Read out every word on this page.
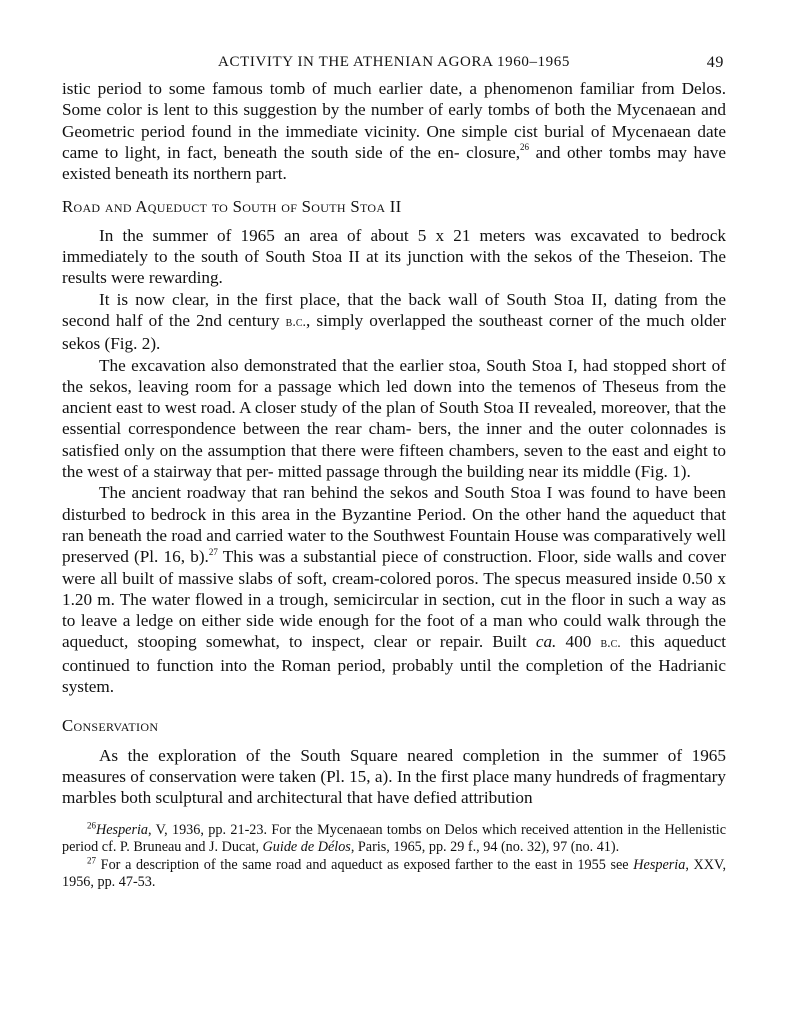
ACTIVITY IN THE ATHENIAN AGORA 1960–1965	49

istic period to some famous tomb of much earlier date, a phenomenon familiar from Delos. Some color is lent to this suggestion by the number of early tombs of both the Mycenaean and Geometric period found in the immediate vicinity. One simple cist burial of Mycenaean date came to light, in fact, beneath the south side of the en- closure,$^{26}$ and other tombs may have existed beneath its northern part.

Road and Aqueduct to South of South Stoa II

In the summer of 1965 an area of about 5 x 21 meters was excavated to bedrock immediately to the south of South Stoa II at its junction with the sekos of the Theseion. The results were rewarding.

It is now clear, in the first place, that the back wall of South Stoa II, dating from the second half of the 2nd century b.c., simply overlapped the southeast corner of the much older sekos (Fig. 2).

The excavation also demonstrated that the earlier stoa, South Stoa I, had stopped short of the sekos, leaving room for a passage which led down into the temenos of Theseus from the ancient east to west road. A closer study of the plan of South Stoa II revealed, moreover, that the essential correspondence between the rear cham- bers, the inner and the outer colonnades is satisfied only on the assumption that there were fifteen chambers, seven to the east and eight to the west of a stairway that per- mitted passage through the building near its middle (Fig. 1).

The ancient roadway that ran behind the sekos and South Stoa I was found to have been disturbed to bedrock in this area in the Byzantine Period. On the other hand the aqueduct that ran beneath the road and carried water to the Southwest Fountain House was comparatively well preserved (Pl. 16, b).$^{27}$ This was a substantial piece of construction. Floor, side walls and cover were all built of massive slabs of soft, cream-colored poros. The specus measured inside 0.50 x 1.20 m. The water flowed in a trough, semicircular in section, cut in the floor in such a way as to leave a ledge on either side wide enough for the foot of a man who could walk through the aqueduct, stooping somewhat, to inspect, clear or repair. Built ca. 400 b.c. this aqueduct continued to function into the Roman period, probably until the completion of the Hadrianic system.

Conservation

As the exploration of the South Square neared completion in the summer of 1965 measures of conservation were taken (Pl. 15, a). In the first place many hundreds of fragmentary marbles both sculptural and architectural that have defied attribution

$^{26}$Hesperia, V, 1936, pp. 21-23. For the Mycenaean tombs on Delos which received attention in the Hellenistic period cf. P. Bruneau and J. Ducat, Guide de Délos, Paris, 1965, pp. 29 f., 94 (no. 32), 97 (no. 41).

$^{27}$ For a description of the same road and aqueduct as exposed farther to the east in 1955 see Hesperia, XXV, 1956, pp. 47-53.
